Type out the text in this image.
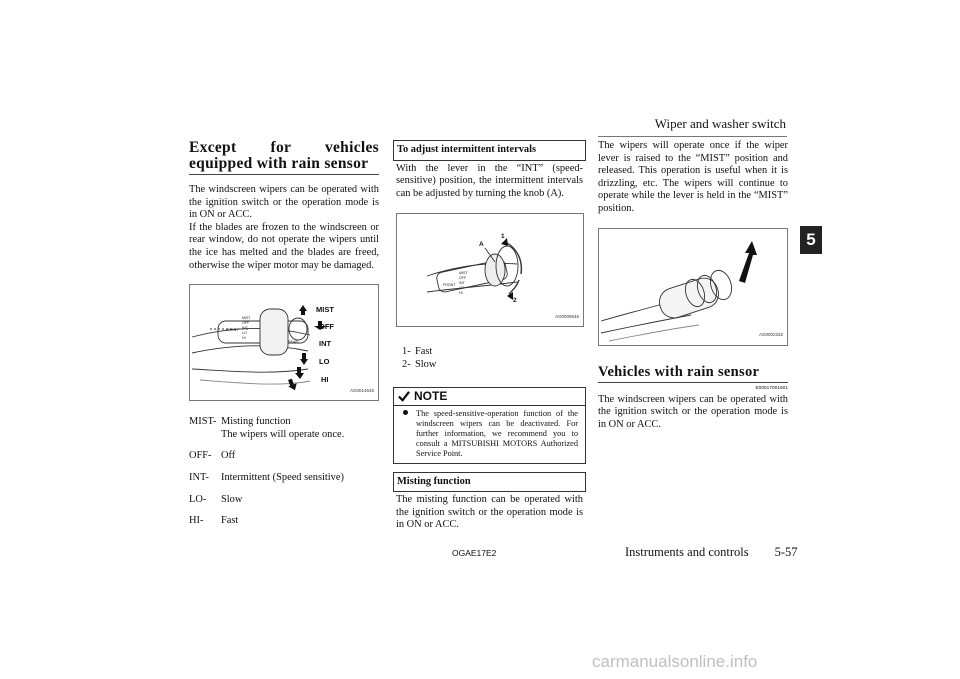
Wiper and washer switch
5
Except for vehicles equipped with rain sensor

The windscreen wipers can be operated with the ignition switch or the operation mode is in ON or ACC.

If the blades are frozen to the windscreen or rear window, do not operate the wipers until the ice has melted and the blades are freed, otherwise the wiper motor may be damaged.

FRONT
MIST
OFF
INT
LO
HI
REAR
MIST
OFF
INT
LO
HI
AG0014645
MIST-	Misting function
The wipers will operate once.
OFF-	Off
INT-	Intermittent (Speed sensitive)
LO-	Slow
HI-	Fast
To adjust intermittent intervals

With the lever in the “INT” (speed-sensitive) position, the intermittent intervals can be adjusted by turning the knob (A).

FRONT
MIST
OFF
INT
LO
HI
A
1
2
AG0009546
1-	Fast
2-	Slow
NOTE
The speed-sensitive-operation function of the windscreen wipers can be deactivated. For further information, we recommend you to consult a MITSUBISHI MOTORS Authorized Service Point.
Misting function

The misting function can be operated with the ignition switch or the operation mode is in ON or ACC.

The wipers will operate once if the wiper lever is raised to the “MIST” position and released. This operation is useful when it is drizzling, etc. The wipers will continue to operate while the lever is held in the “MIST” position.

AG0002332
Vehicles with rain sensor
E00517001601

The windscreen wipers can be operated with the ignition switch or the operation mode is in ON or ACC.

OGAE17E2	Instruments and controls 5-57
carmanualsonline.info
